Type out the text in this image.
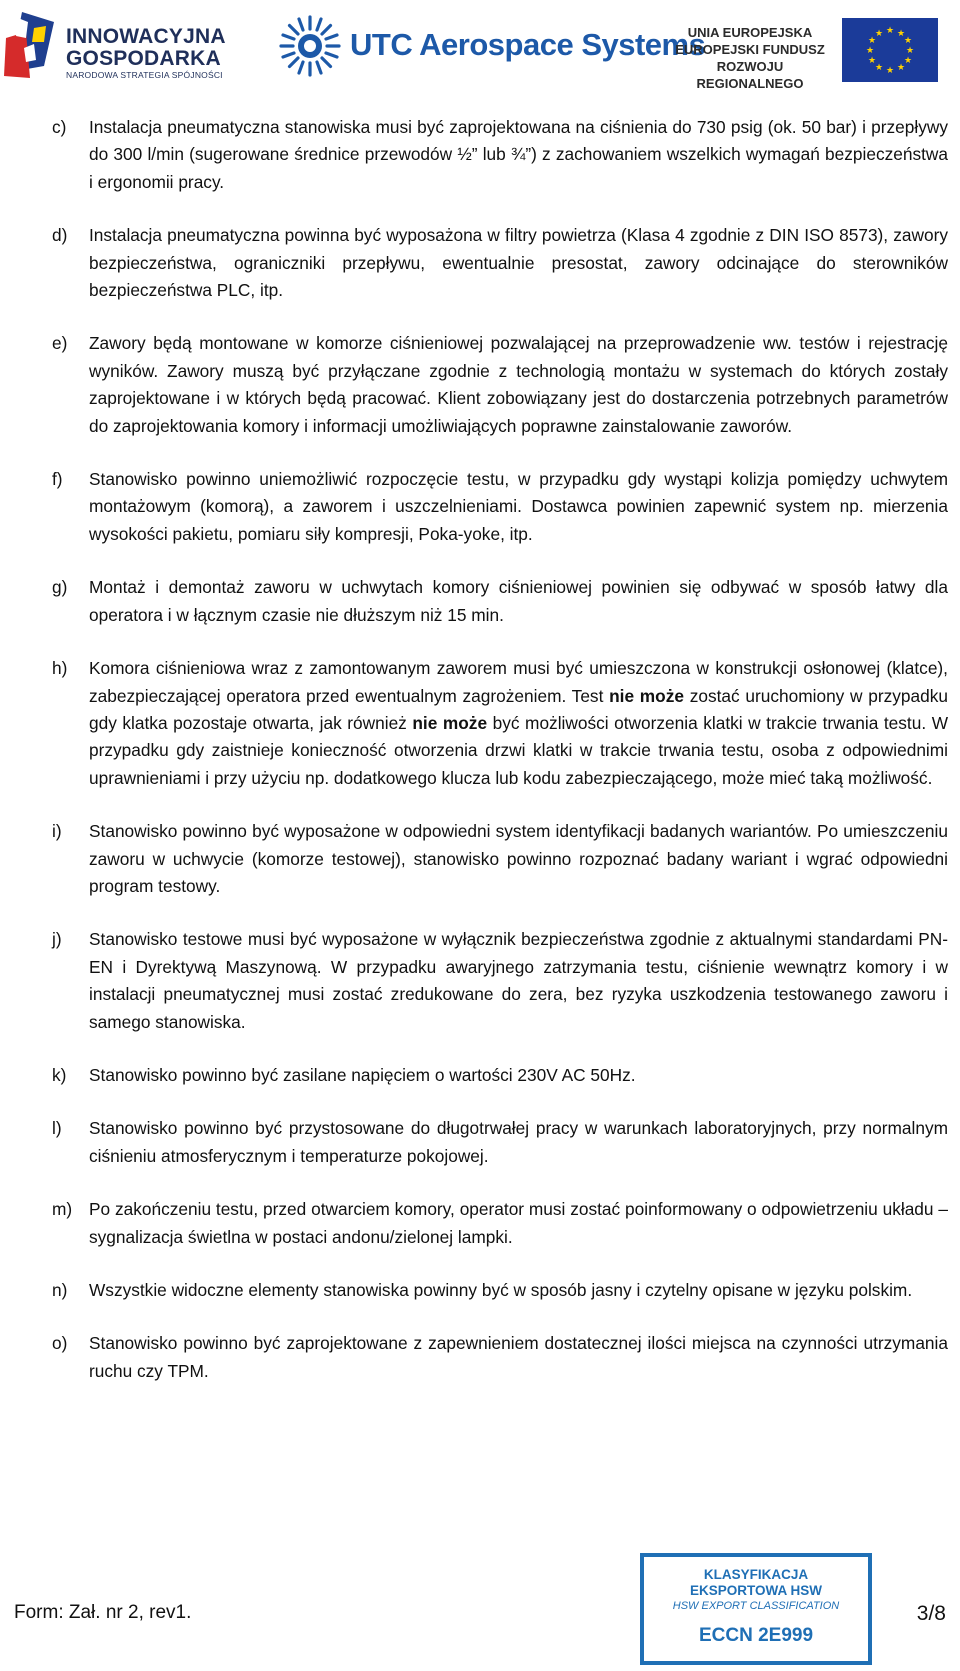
INNOWACYJNA
GOSPODARKA
NARODOWA STRATEGIA SPÓJNOŚCI
UTC Aerospace Systems
UNIA EUROPEJSKA
EUROPEJSKI FUNDUSZ
ROZWOJU REGIONALNEGO
★ ★
★
★
★
★
★
★
★
★
★
★
c) Instalacja pneumatyczna stanowiska musi być zaprojektowana na ciśnienia do 730 psig (ok. 50 bar) i przepływy do 300 l/min (sugerowane średnice przewodów ½” lub ¾”) z zachowaniem wszelkich wymagań bezpieczeństwa i ergonomii pracy.
d) Instalacja pneumatyczna powinna być wyposażona w filtry powietrza (Klasa 4 zgodnie z DIN ISO 8573), zawory bezpieczeństwa, ograniczniki przepływu, ewentualnie presostat, zawory odcinające do sterowników bezpieczeństwa PLC, itp.
e) Zawory będą montowane w komorze ciśnieniowej pozwalającej na przeprowadzenie ww. testów i rejestrację wyników. Zawory muszą być przyłączane zgodnie z technologią montażu w systemach do których zostały zaprojektowane i w których będą pracować. Klient zobowiązany jest do dostarczenia potrzebnych parametrów do zaprojektowania komory i informacji umożliwiających poprawne zainstalowanie zaworów.
f) Stanowisko powinno uniemożliwić rozpoczęcie testu, w przypadku gdy wystąpi kolizja pomiędzy uchwytem montażowym (komorą), a zaworem i uszczelnieniami. Dostawca powinien zapewnić system np. mierzenia wysokości pakietu, pomiaru siły kompresji, Poka-yoke, itp.
g) Montaż i demontaż zaworu w uchwytach komory ciśnieniowej powinien się odbywać w sposób łatwy dla operatora i w łącznym czasie nie dłuższym niż 15 min.
h) Komora ciśnieniowa wraz z zamontowanym zaworem musi być umieszczona w konstrukcji osłonowej (klatce), zabezpieczającej operatora przed ewentualnym zagrożeniem. Test nie może zostać uruchomiony w przypadku gdy klatka pozostaje otwarta, jak również nie może być możliwości otworzenia klatki w trakcie trwania testu. W przypadku gdy zaistnieje konieczność otworzenia drzwi klatki w trakcie trwania testu, osoba z odpowiednimi uprawnieniami i przy użyciu np. dodatkowego klucza lub kodu zabezpieczającego, może mieć taką możliwość.
i) Stanowisko powinno być wyposażone w odpowiedni system identyfikacji badanych wariantów. Po umieszczeniu zaworu w uchwycie (komorze testowej), stanowisko powinno rozpoznać badany wariant i wgrać odpowiedni program testowy.
j) Stanowisko testowe musi być wyposażone w wyłącznik bezpieczeństwa zgodnie z aktualnymi standardami PN-EN i Dyrektywą Maszynową. W przypadku awaryjnego zatrzymania testu, ciśnienie wewnątrz komory i w instalacji pneumatycznej musi zostać zredukowane do zera, bez ryzyka uszkodzenia testowanego zaworu i samego stanowiska.
k) Stanowisko powinno być zasilane napięciem o wartości 230V AC 50Hz.
l) Stanowisko powinno być przystosowane do długotrwałej pracy w warunkach laboratoryjnych, przy normalnym ciśnieniu atmosferycznym i temperaturze pokojowej.
m) Po zakończeniu testu, przed otwarciem komory, operator musi zostać poinformowany o odpowietrzeniu układu – sygnalizacja świetlna w postaci andonu/zielonej lampki.
n) Wszystkie widoczne elementy stanowiska powinny być w sposób jasny i czytelny opisane w języku polskim.
o) Stanowisko powinno być zaprojektowane z zapewnieniem dostatecznej ilości miejsca na czynności utrzymania ruchu czy TPM.
Form: Zał. nr 2, rev1.
KLASYFIKACJA
EKSPORTOWA HSW
HSW EXPORT CLASSIFICATION
ECCN 2E999
3/8
